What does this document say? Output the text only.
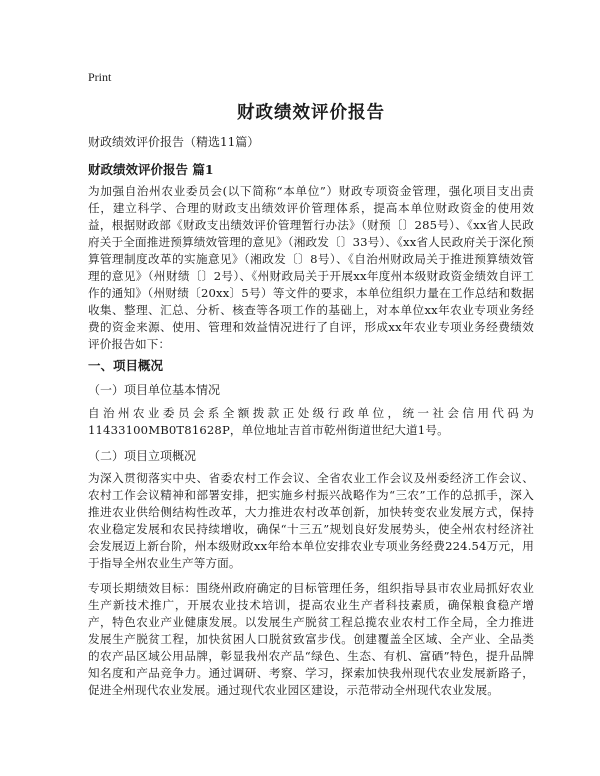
Print
财政绩效评价报告
财政绩效评价报告（精选11篇）
财政绩效评价报告 篇1
为加强自治州农业委员会(以下简称“本单位”）财政专项资金管理，强化项目支出责任，建立科学、合理的财政支出绩效评价管理体系，提高本单位财政资金的使用效益，根据财政部《财政支出绩效评价管理暂行办法》（财预〔〕285号）、《xx省人民政府关于全面推进预算绩效管理的意见》（湘政发〔〕33号）、《xx省人民政府关于深化预算管理制度改革的实施意见》（湘政发〔〕8号）、《自治州财政局关于推进预算绩效管理的意见》（州财绩〔〕2号）、《州财政局关于开展xx年度州本级财政资金绩效自评工作的通知》（州财绩〔20xx〕5号）等文件的要求，本单位组织力量在工作总结和数据收集、整理、汇总、分析、核查等各项工作的基础上，对本单位xx年农业专项业务经费的资金来源、使用、管理和效益情况进行了自评，形成xx年农业专项业务经费绩效评价报告如下：
一、项目概况
（一）项目单位基本情况
自治州农业委员会系全额拨款正处级行政单位，统一社会信用代码为11433100MB0T81628P，单位地址吉首市乾州街道世纪大道1号。
（二）项目立项概况
为深入贯彻落实中央、省委农村工作会议、全省农业工作会议及州委经济工作会议、农村工作会议精神和部署安排，把实施乡村振兴战略作为“三农”工作的总抓手，深入推进农业供给侧结构性改革，大力推进农村改革创新，加快转变农业发展方式，保持农业稳定发展和农民持续增收，确保“十三五”规划良好发展势头，使全州农村经济社会发展迈上新台阶，州本级财政xx年给本单位安排农业专项业务经费224.54万元，用于指导全州农业生产等方面。
专项长期绩效目标：围绕州政府确定的目标管理任务，组织指导县市农业局抓好农业生产新技术推广，开展农业技术培训，提高农业生产者科技素质，确保粮食稳产增产，特色农业产业健康发展。以发展生产脱贫工程总揽农业农村工作全局，全力推进发展生产脱贫工程，加快贫困人口脱贫致富步伐。创建覆盖全区域、全产业、全品类的农产品区域公用品牌，彰显我州农产品“绿色、生态、有机、富硒”特色，提升品牌知名度和产品竞争力。通过调研、考察、学习，探索加快我州现代农业发展新路子，促进全州现代农业发展。通过现代农业园区建设，示范带动全州现代农业发展。
